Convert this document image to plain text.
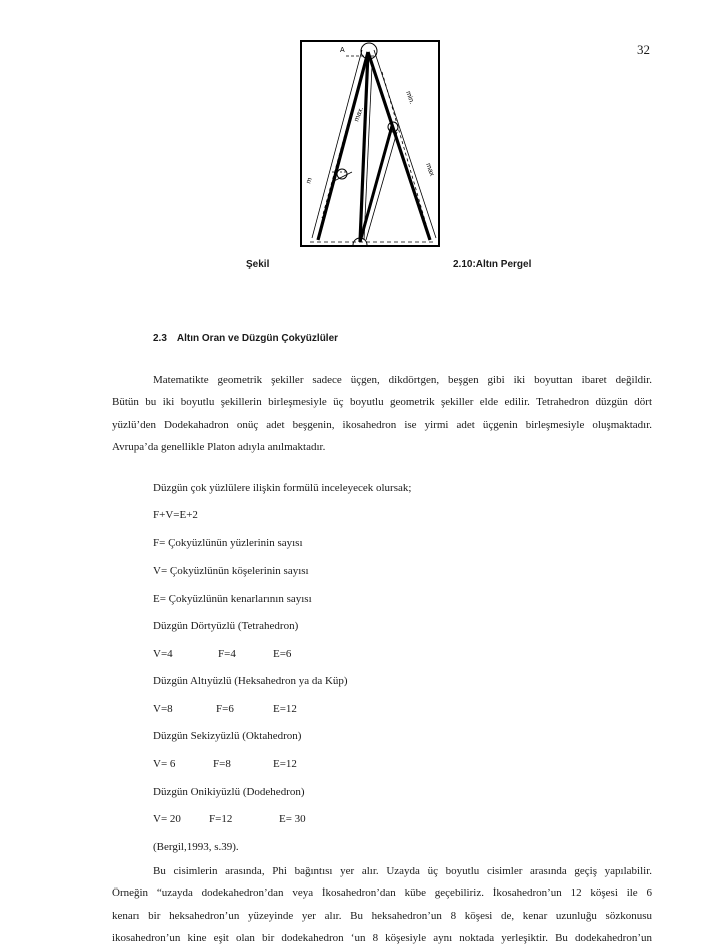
32
A
min.
max.
m
max
Şekil	2.10:Altın Pergel
2.3 Altın Oran ve Düzgün Çokyüzlüler
Matematikte geometrik şekiller sadece üçgen, dikdörtgen, beşgen gibi iki boyuttan ibaret değildir.
Bütün bu iki boyutlu şekillerin birleşmesiyle üç boyutlu geometrik şekiller elde edilir. Tetrahedron düzgün dört
yüzlü’den Dodekahadron onüç adet beşgenin, ikosahedron ise yirmi adet üçgenin birleşmesiyle oluşmaktadır.
Avrupa’da genellikle Platon adıyla anılmaktadır.
Düzgün çok yüzlülere ilişkin formülü inceleyecek olursak;
F+V=E+2
F= Çokyüzlünün yüzlerinin sayısı
V= Çokyüzlünün köşelerinin sayısı
E= Çokyüzlünün kenarlarının sayısı
Düzgün Dörtyüzlü (Tetrahedron)
V=4	F=4	E=6
Düzgün Altıyüzlü (Heksahedron ya da Küp)
V=8	F=6	E=12
Düzgün Sekizyüzlü (Oktahedron)
V= 6	F=8	E=12
Düzgün Onikiyüzlü (Dodehedron)
V= 20	F=12	E= 30
(Bergil,1993, s.39).
Bu cisimlerin arasında, Phi bağıntısı yer alır. Uzayda üç boyutlu cisimler arasında geçiş yapılabilir.
Örneğin “uzayda dodekahedron’dan veya İkosahedron’dan kübe geçebiliriz. İkosahedron’un 12 köşesi ile 6
kenarı bir heksahedron’un yüzeyinde yer alır. Bu heksahedron’un 8 köşesi de, kenar uzunluğu sözkonusu
ikosahedron’un kine eşit olan bir dodekahedron ‘un 8 köşesiyle aynı noktada yerleşiktir. Bu dodekahedron’un
